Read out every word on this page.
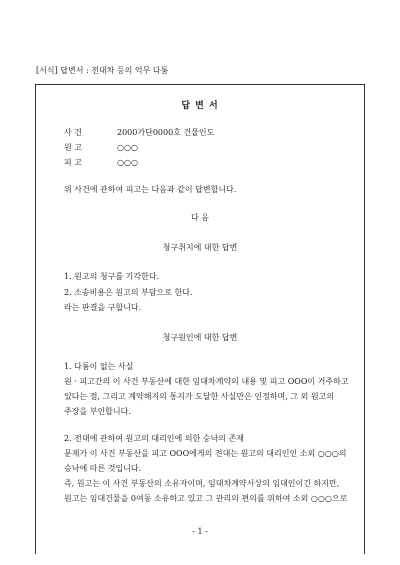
[서식] 답변서 : 전대차 등의 억무 다툼
답 변 서
사 건	2000가단0000호 건물인도
원 고	○○○
피 고	○○○
위 사건에 관하여 피고는 다음과 같이 답변합니다.
다 음
청구취지에 대한 답변
1. 원고의 청구를 기각한다.
2. 소송비용은 원고의 부담으로 한다.
라는 판결을 구합니다.
청구원인에 대한 답변
1. 다툼이 없는 사실
원 · 피고간의 이 사건 부동산에 대한 임대차계약의 내용 및 피고 OOO이 거주하고
있다는 점, 그리고 계약해지의 통지가 도달한 사실만은 인정하며, 그 외 원고의
주장을 부인합니다.
2. 전대에 관하여 원고의 대리인에 의한 승낙의 존재
문제가 이 사건 부동산을 피고 OOO에게의 전대는 원고의 대리인인 소외 ○○○의
승낙에 따른 것입니다.
즉, 원고는 이 사건 부동산의 소유자이며, 임대차계약서상의 임대인이긴 하지만,
원고는 임대건물을 0여동 소유하고 있고 그 관리의 편의를 위하여 소외 ○○○으로
- 1 -
